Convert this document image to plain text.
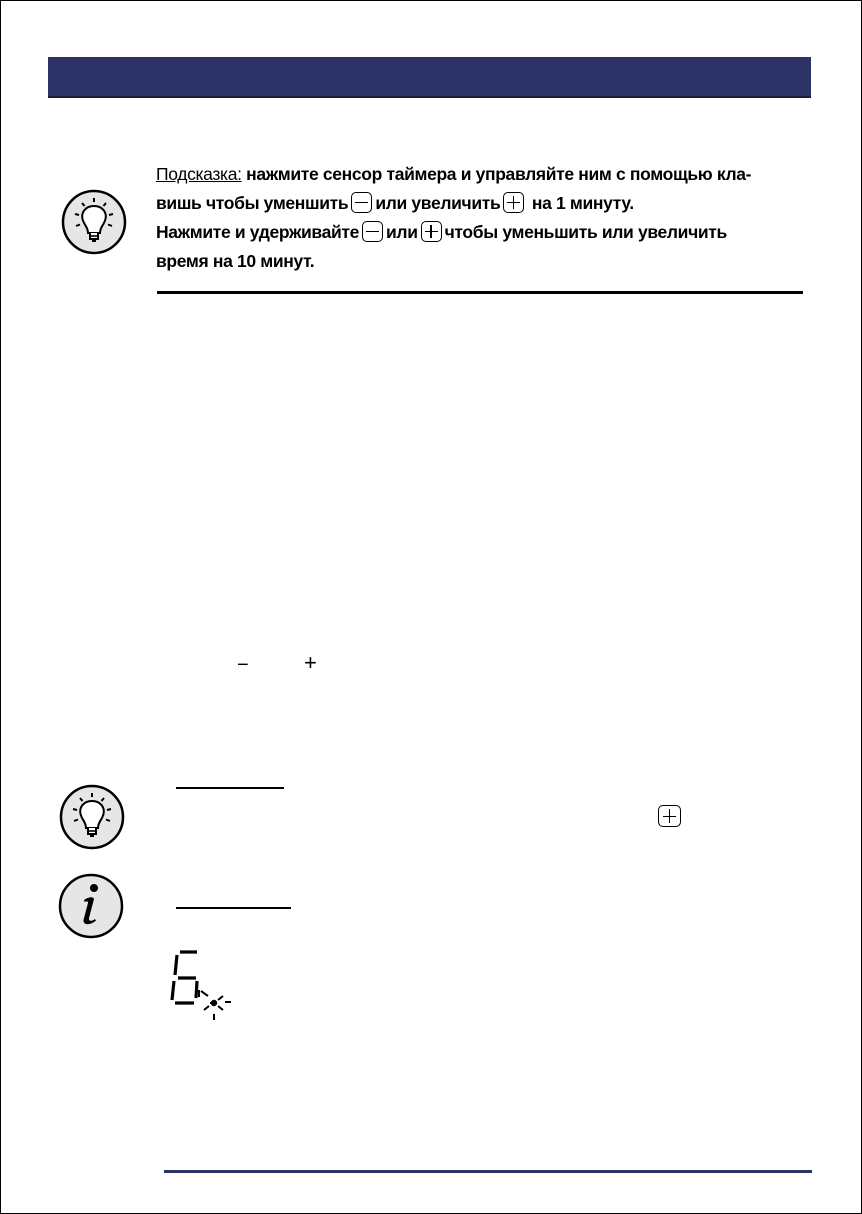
Подсказка: нажмите сенсор таймера и управляйте ним с помощью кла-
вишь чтобы уменшить или увеличить на 1 минуту.
Нажмите и удерживайте или чтобы уменьшить или увеличить
время на 10 минут.
−	+
